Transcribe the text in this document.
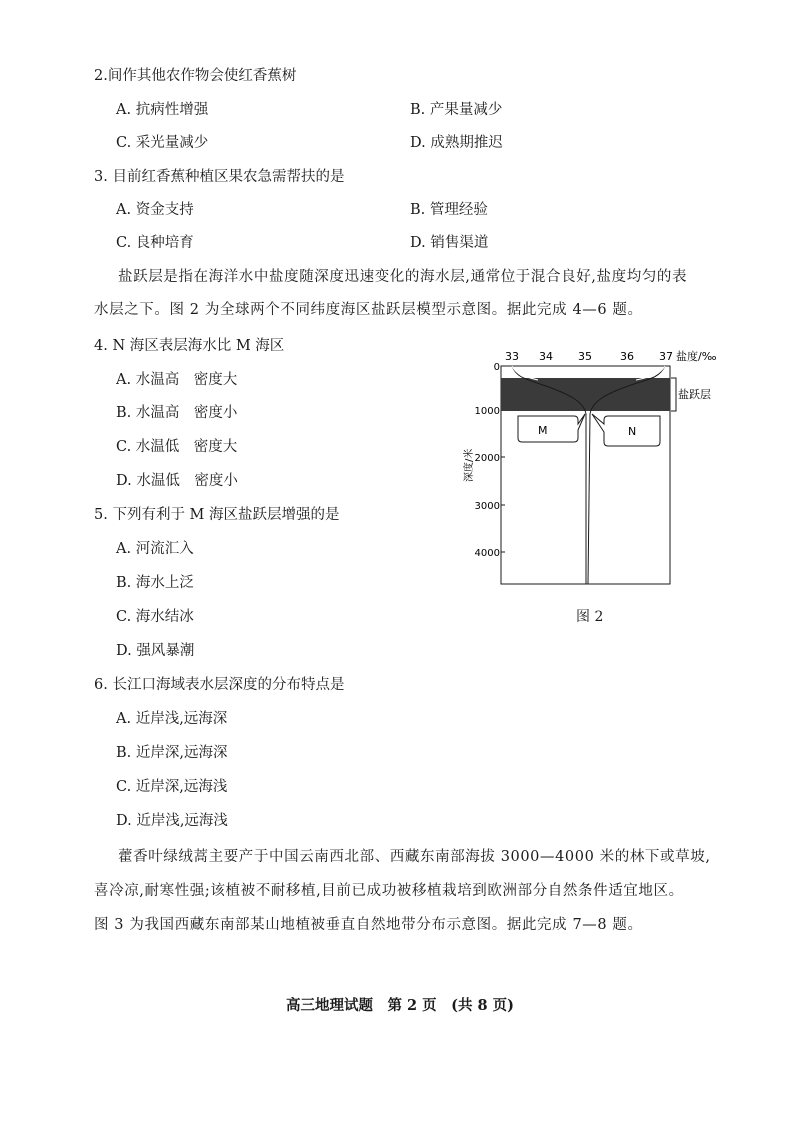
2.间作其他农作物会使红香蕉树
A. 抗病性增强	B. 产果量减少
C. 采光量减少	D. 成熟期推迟
3. 目前红香蕉种植区果农急需帮扶的是
A. 资金支持	B. 管理经验
C. 良种培育	D. 销售渠道
盐跃层是指在海洋水中盐度随深度迅速变化的海水层,通常位于混合良好,盐度均匀的表
水层之下。图 2 为全球两个不同纬度海区盐跃层模型示意图。据此完成 4—6 题。
4. N 海区表层海水比 M 海区
A. 水温高　密度大
B. 水温高　密度小
C. 水温低　密度大
D. 水温低　密度小
5. 下列有利于 M 海区盐跃层增强的是
A. 河流汇入
B. 海水上泛
C. 海水结冰
D. 强风暴潮
6. 长江口海域表水层深度的分布特点是
A. 近岸浅,远海深
B. 近岸深,远海深
C. 近岸深,远海浅
D. 近岸浅,远海浅
藿香叶绿绒蒿主要产于中国云南西北部、西藏东南部海拔 3000—4000 米的林下或草坡,
喜冷凉,耐寒性强;该植被不耐移植,目前已成功被移植栽培到欧洲部分自然条件适宜地区。
图 3 为我国西藏东南部某山地植被垂直自然地带分布示意图。据此完成 7—8 题。
33 34 35	36 37 盐度/‰
0
1000
2000
3000
4000
深度/米
盐跃层
M	N
图 2
高三地理试题　第 2 页　(共 8 页)
